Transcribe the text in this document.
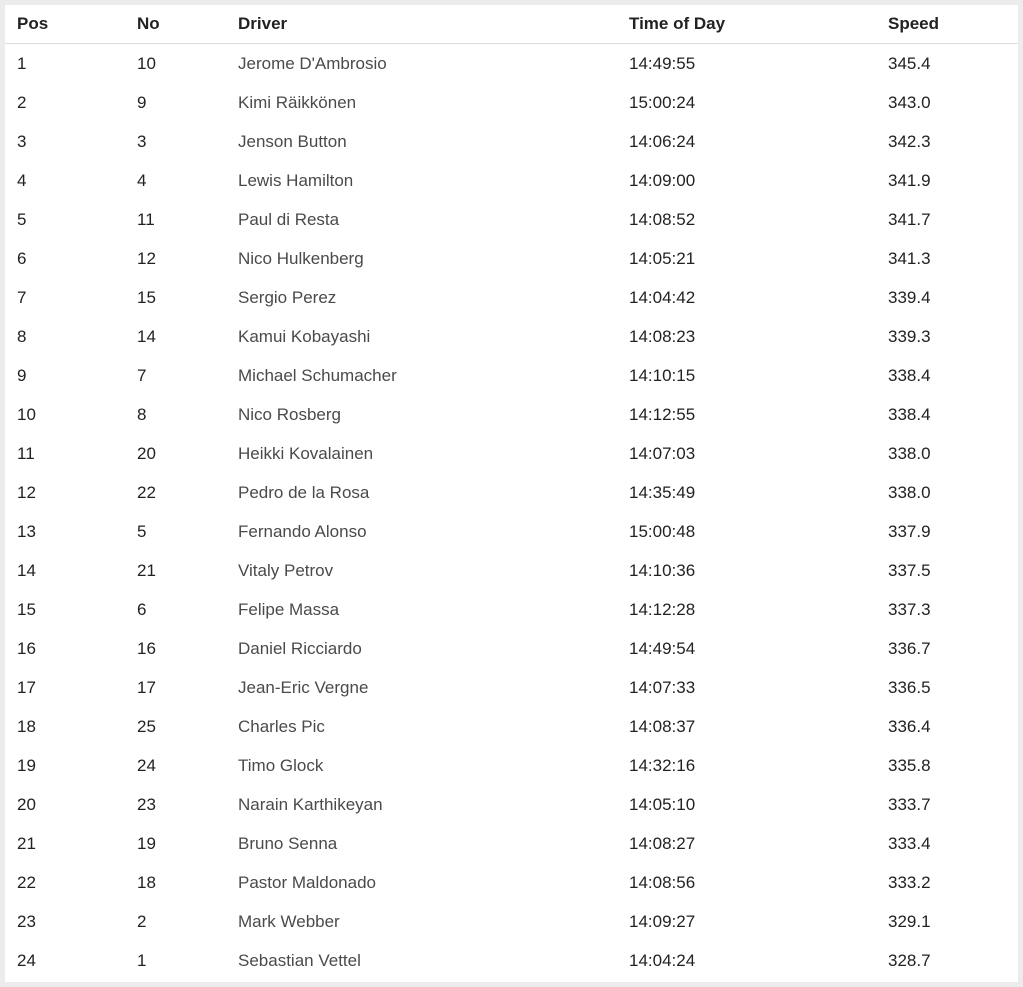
Pos	No	Driver	Time of Day	Speed
1	10	Jerome D'Ambrosio	14:49:55	345.4
2	9	Kimi Räikkönen	15:00:24	343.0
3	3	Jenson Button	14:06:24	342.3
4	4	Lewis Hamilton	14:09:00	341.9
5	11	Paul di Resta	14:08:52	341.7
6	12	Nico Hulkenberg	14:05:21	341.3
7	15	Sergio Perez	14:04:42	339.4
8	14	Kamui Kobayashi	14:08:23	339.3
9	7	Michael Schumacher	14:10:15	338.4
10	8	Nico Rosberg	14:12:55	338.4
11	20	Heikki Kovalainen	14:07:03	338.0
12	22	Pedro de la Rosa	14:35:49	338.0
13	5	Fernando Alonso	15:00:48	337.9
14	21	Vitaly Petrov	14:10:36	337.5
15	6	Felipe Massa	14:12:28	337.3
16	16	Daniel Ricciardo	14:49:54	336.7
17	17	Jean-Eric Vergne	14:07:33	336.5
18	25	Charles Pic	14:08:37	336.4
19	24	Timo Glock	14:32:16	335.8
20	23	Narain Karthikeyan	14:05:10	333.7
21	19	Bruno Senna	14:08:27	333.4
22	18	Pastor Maldonado	14:08:56	333.2
23	2	Mark Webber	14:09:27	329.1
24	1	Sebastian Vettel	14:04:24	328.7
